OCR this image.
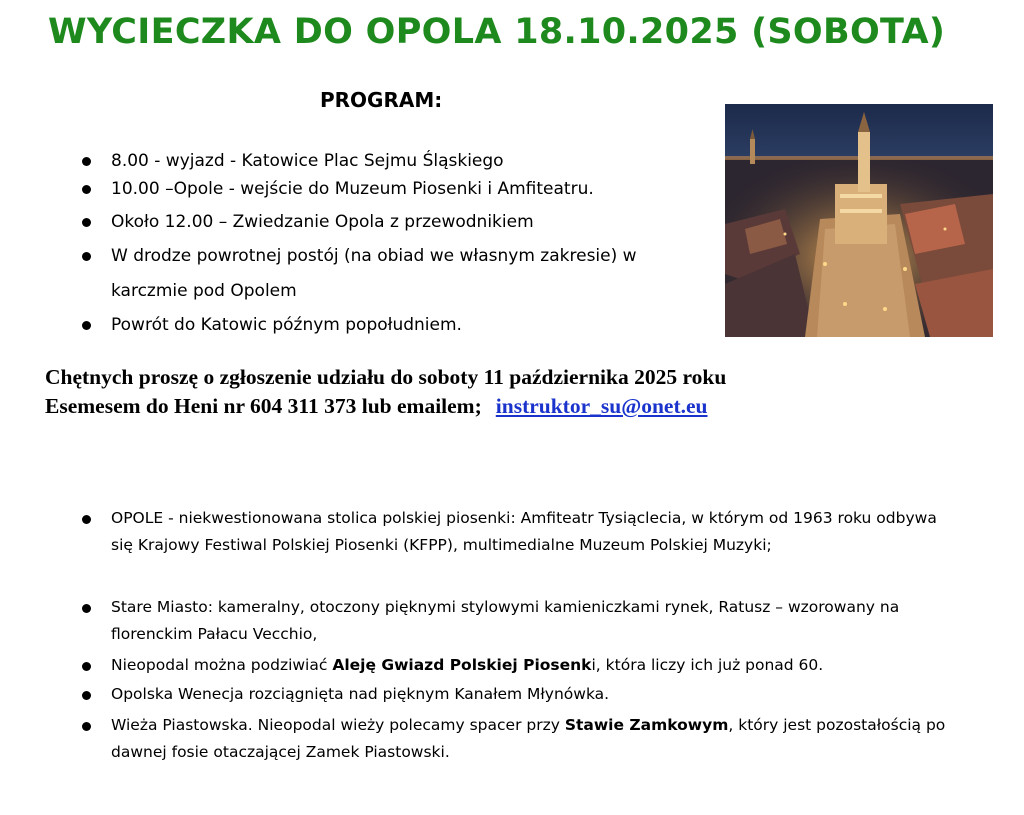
WYCIECZKA DO OPOLA 18.10.2025 (SOBOTA)
PROGRAM:
8.00 - wyjazd - Katowice Plac Sejmu Śląskiego
10.00 –Opole - wejście do Muzeum Piosenki i Amfiteatru.
Około 12.00 – Zwiedzanie Opola z przewodnikiem
W drodze powrotnej postój (na obiad we własnym zakresie) w
karczmie pod Opolem
Powrót do Katowic późnym popołudniem.
Chętnych proszę o zgłoszenie udziału do soboty 11 października 2025 roku
Esemesem do Heni nr 604 311 373 lub emailem; instruktor_su@onet.eu
OPOLE - niekwestionowana stolica polskiej piosenki: Amfiteatr Tysiąclecia, w którym od 1963 roku odbywa się Krajowy Festiwal Polskiej Piosenki (KFPP), multimedialne Muzeum Polskiej Muzyki;
Stare Miasto: kameralny, otoczony pięknymi stylowymi kamieniczkami rynek, Ratusz – wzorowany na florenckim Pałacu Vecchio,
Nieopodal można podziwiać Aleję Gwiazd Polskiej Piosenki, która liczy ich już ponad 60.
Opolska Wenecja rozciągnięta nad pięknym Kanałem Młynówka.
Wieża Piastowska. Nieopodal wieży polecamy spacer przy Stawie Zamkowym, który jest pozostałością po dawnej fosie otaczającej Zamek Piastowski.
